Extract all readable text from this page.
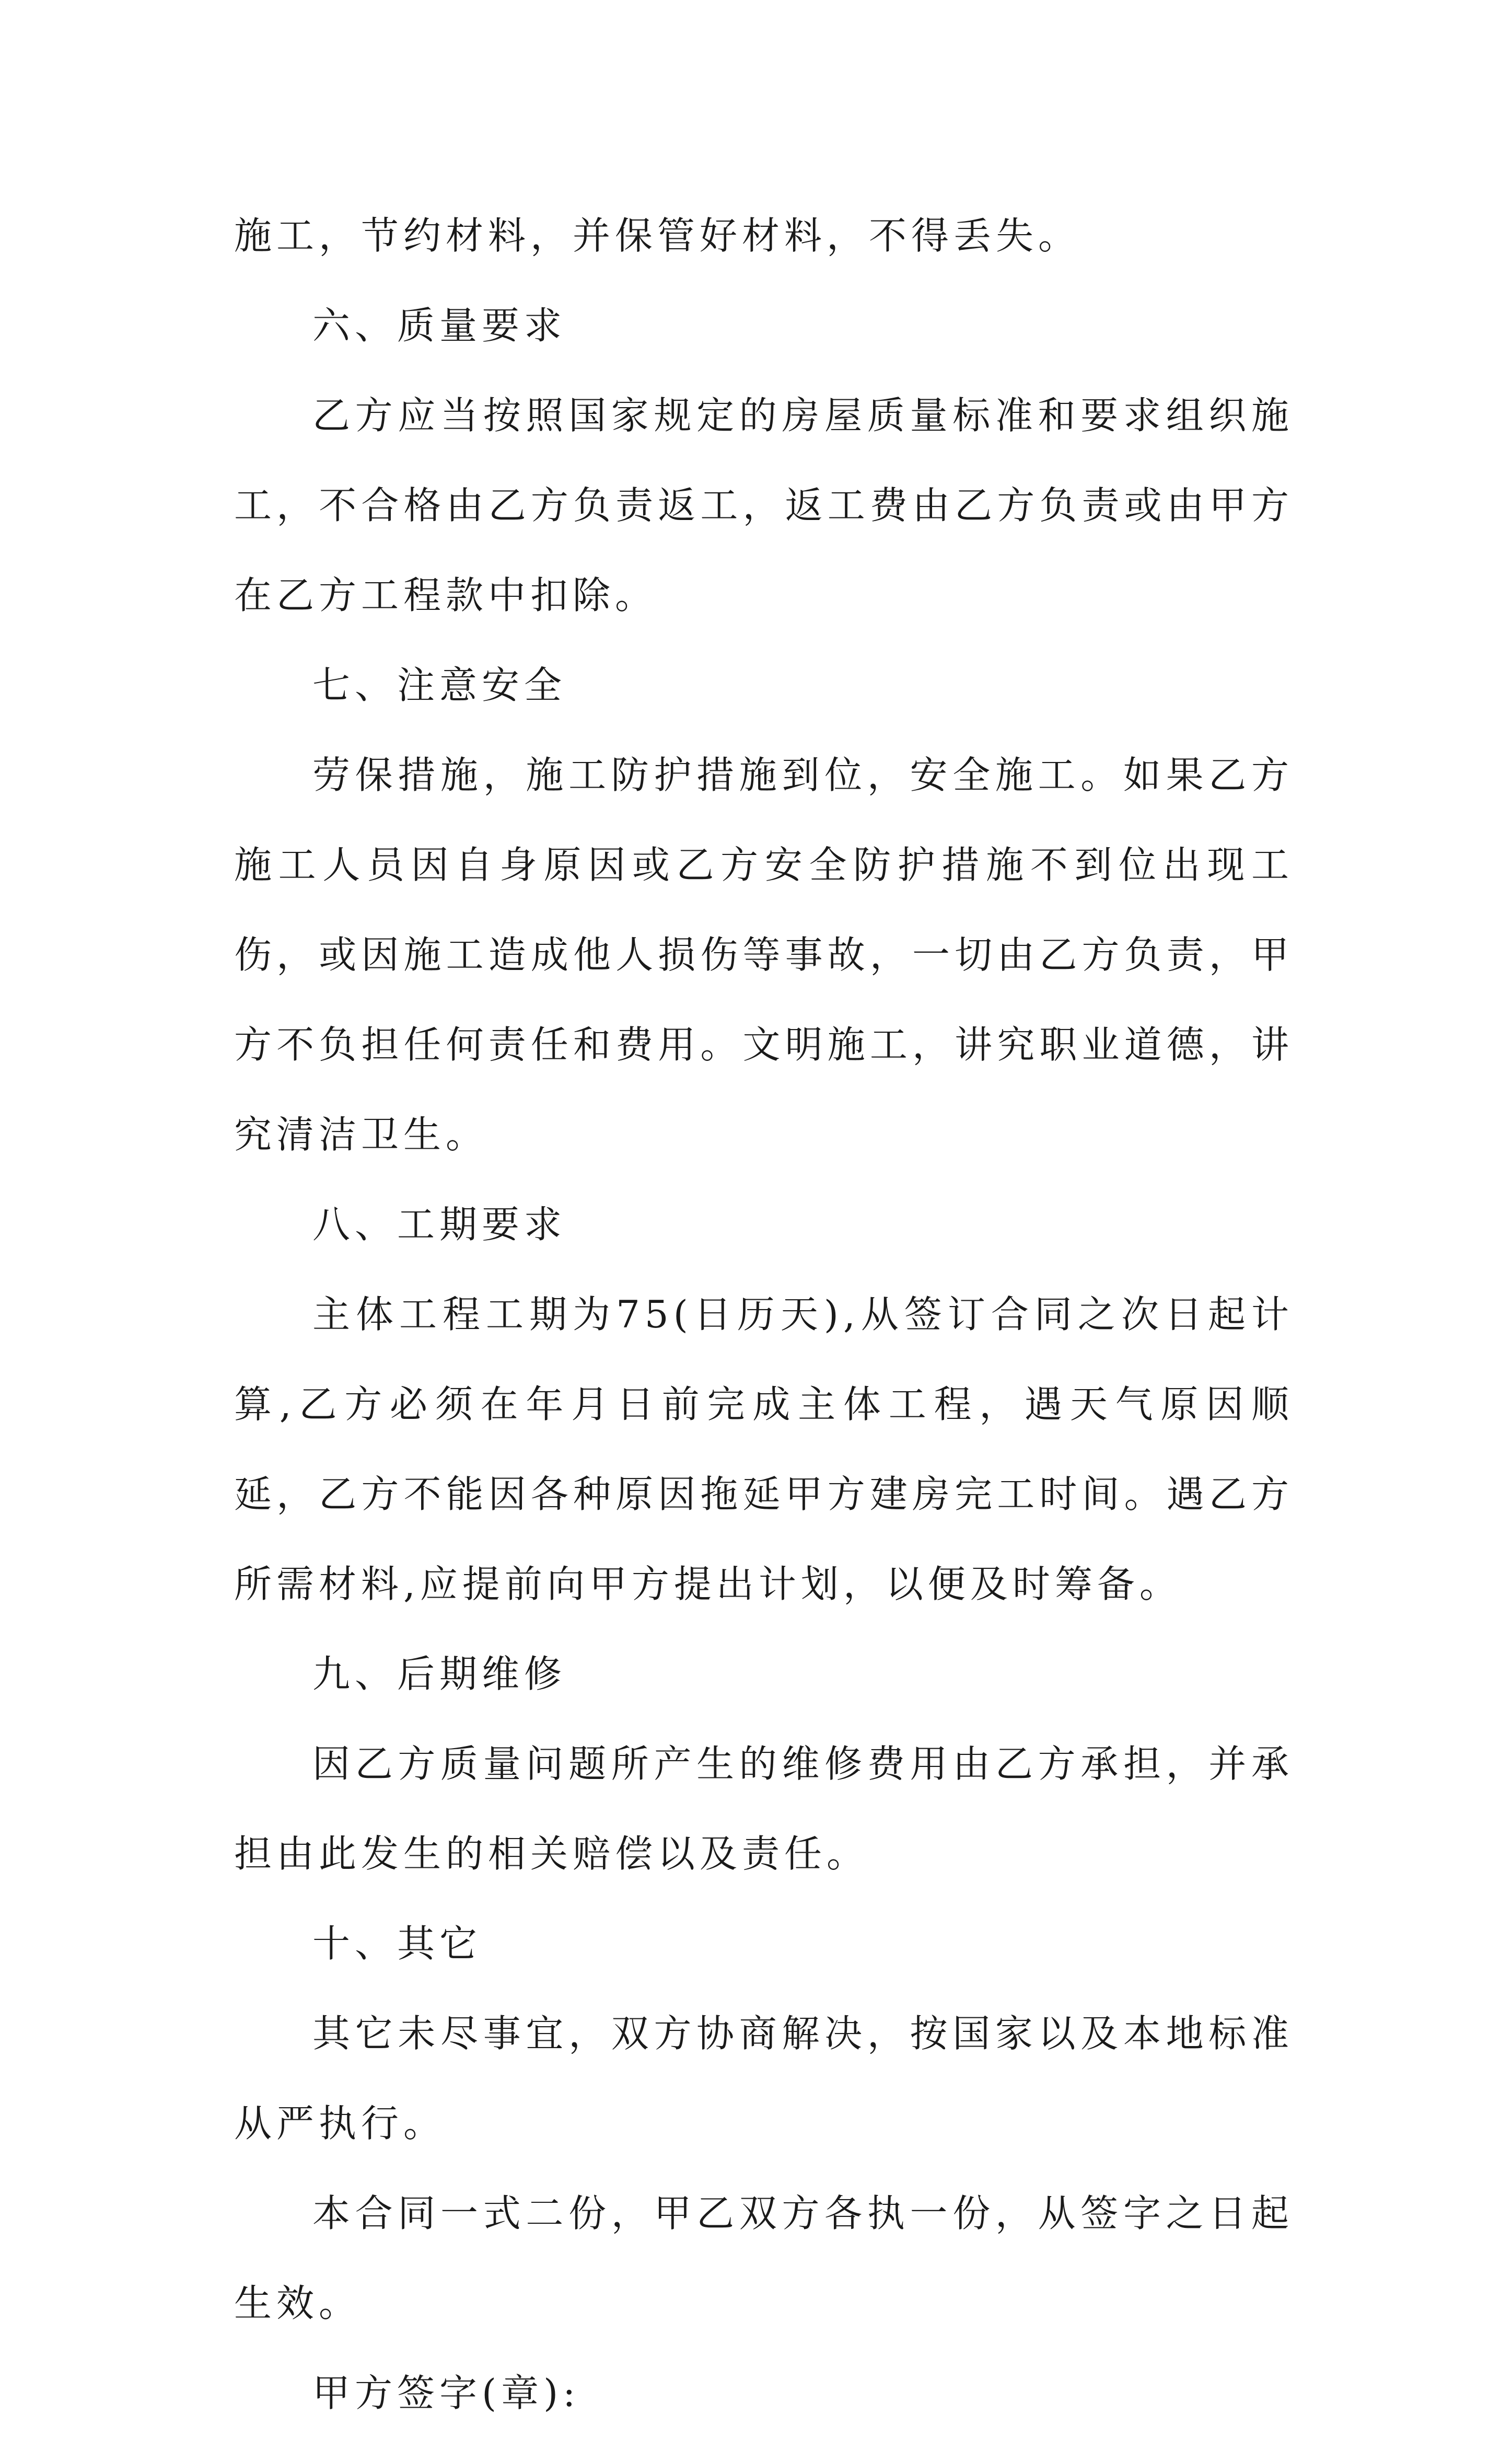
施工，节约材料，并保管好材料，不得丢失。

六、质量要求

乙方应当按照国家规定的房屋质量标准和要求组织施工，不合格由乙方负责返工，返工费由乙方负责或由甲方在乙方工程款中扣除。

七、注意安全

劳保措施，施工防护措施到位，安全施工。如果乙方施工人员因自身原因或乙方安全防护措施不到位出现工伤，或因施工造成他人损伤等事故，一切由乙方负责，甲方不负担任何责任和费用。文明施工，讲究职业道德，讲究清洁卫生。

八、工期要求

主体工程工期为75(日历天),从签订合同之次日起计算,乙方必须在年月日前完成主体工程，遇天气原因顺延，乙方不能因各种原因拖延甲方建房完工时间。遇乙方所需材料,应提前向甲方提出计划，以便及时筹备。

九、后期维修

因乙方质量问题所产生的维修费用由乙方承担，并承担由此发生的相关赔偿以及责任。

十、其它

其它未尽事宜，双方协商解决，按国家以及本地标准从严执行。

本合同一式二份，甲乙双方各执一份，从签字之日起生效。

甲方签字(章):
